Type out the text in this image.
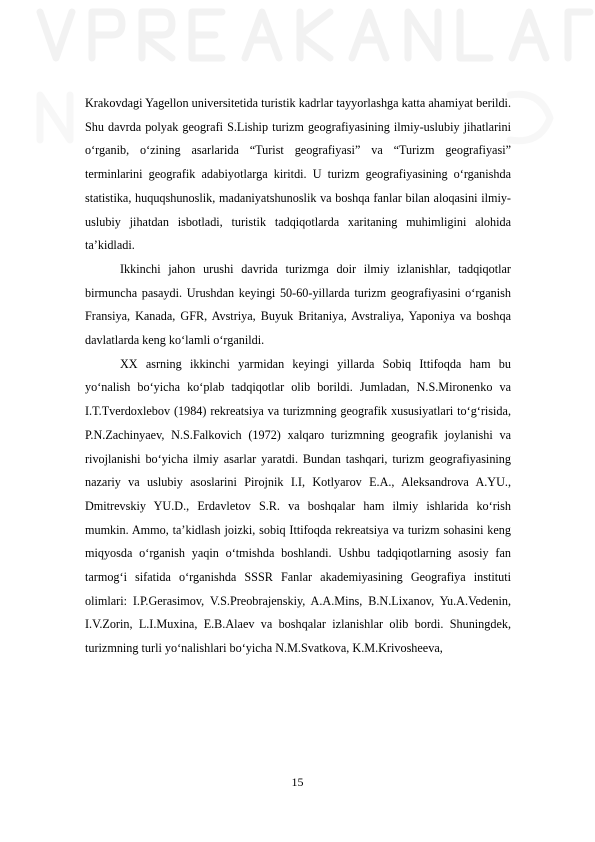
Krakovdagi Yagellon universitetida turistik kadrlar tayyorlashga katta ahamiyat berildi. Shu davrda polyak geografi S.Liship turizm geografiyasining ilmiy-uslubiy jihatlarini o‘rganib, o‘zining asarlarida “Turist geografiyasi” va “Turizm geografiyasi” terminlarini geografik adabiyotlarga kiritdi. U turizm geografiyasining o‘rganishda statistika, huquqshunoslik, madaniyatshunoslik va boshqa fanlar bilan aloqasini ilmiy-uslubiy jihatdan isbotladi, turistik tadqiqotlarda xaritaning muhimligini alohida ta’kidladi.

Ikkinchi jahon urushi davrida turizmga doir ilmiy izlanishlar, tadqiqotlar birmuncha pasaydi. Urushdan keyingi 50-60-yillarda turizm geografiyasini o‘rganish Fransiya, Kanada, GFR, Avstriya, Buyuk Britaniya, Avstraliya, Yaponiya va boshqa davlatlarda keng ko‘lamli o‘rganildi.

XX asrning ikkinchi yarmidan keyingi yillarda Sobiq Ittifoqda ham bu yo‘nalish bo‘yicha ko‘plab tadqiqotlar olib borildi. Jumladan, N.S.Mironenko va I.T.Tverdoxlebov (1984) rekreatsiya va turizmning geografik xususiyatlari to‘g‘risida, P.N.Zachinyaev, N.S.Falkovich (1972) xalqaro turizmning geografik joylanishi va rivojlanishi bo‘yicha ilmiy asarlar yaratdi. Bundan tashqari, turizm geografiyasining nazariy va uslubiy asoslarini Pirojnik I.I, Kotlyarov E.A., Aleksandrova A.YU., Dmitrevskiy YU.D., Erdavletov S.R. va boshqalar ham ilmiy ishlarida ko‘rish mumkin. Ammo, ta’kidlash joizki, sobiq Ittifoqda rekreatsiya va turizm sohasini keng miqyosda o‘rganish yaqin o‘tmishda boshlandi. Ushbu tadqiqotlarning asosiy fan tarmog‘i sifatida o‘rganishda SSSR Fanlar akademiyasining Geografiya instituti olimlari: I.P.Gerasimov, V.S.Preobrajenskiy, A.A.Mins, B.N.Lixanov, Yu.A.Vedenin, I.V.Zorin, L.I.Muxina, E.B.Alaev va boshqalar izlanishlar olib bordi. Shuningdek, turizmning turli yo‘nalishlari bo‘yicha N.M.Svatkova, K.M.Krivosheeva,

15
